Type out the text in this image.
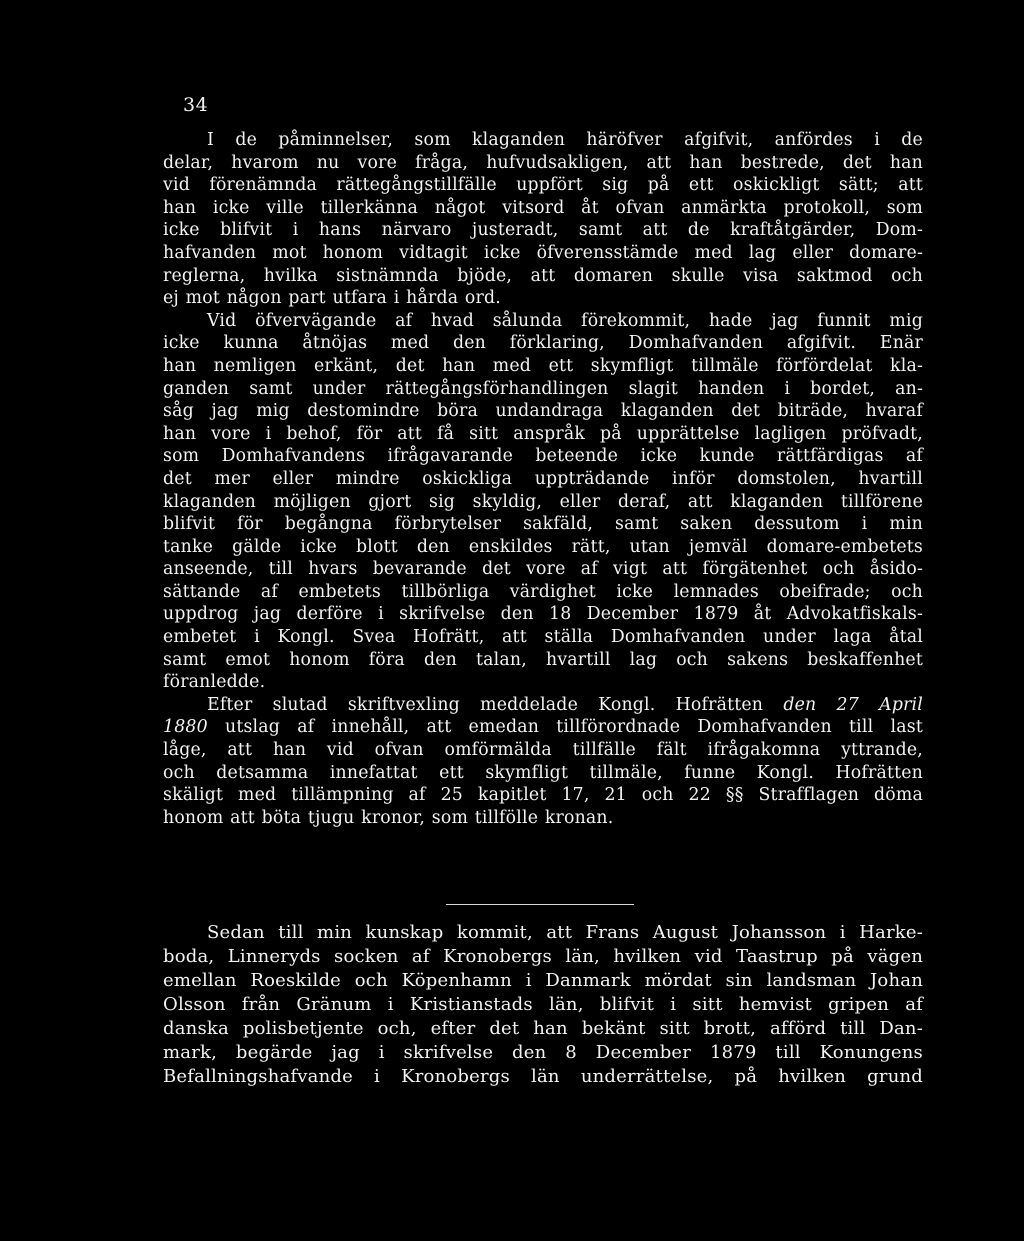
34
I de påminnelser, som klaganden häröfver afgifvit, anfördes i de
delar, hvarom nu vore fråga, hufvudsakligen, att han bestrede, det han
vid förenämnda rättegångstillfälle uppfört sig på ett oskickligt sätt; att
han icke ville tillerkänna något vitsord åt ofvan anmärkta protokoll, som
icke blifvit i hans närvaro justeradt, samt att de kraftåtgärder, Dom-
hafvanden mot honom vidtagit icke öfverensstämde med lag eller domare-
reglerna, hvilka sistnämnda bjöde, att domaren skulle visa saktmod och
ej mot någon part utfara i hårda ord.
Vid öfvervägande af hvad sålunda förekommit, hade jag funnit mig
icke kunna åtnöjas med den förklaring, Domhafvanden afgifvit. Enär
han nemligen erkänt, det han med ett skymfligt tillmäle förfördelat kla-
ganden samt under rättegångsförhandlingen slagit handen i bordet, an-
såg jag mig destomindre böra undandraga klaganden det biträde, hvaraf
han vore i behof, för att få sitt anspråk på upprättelse lagligen pröfvadt,
som Domhafvandens ifrågavarande beteende icke kunde rättfärdigas af
det mer eller mindre oskickliga uppträdande inför domstolen, hvartill
klaganden möjligen gjort sig skyldig, eller deraf, att klaganden tillförene
blifvit för begångna förbrytelser sakfäld, samt saken dessutom i min
tanke gälde icke blott den enskildes rätt, utan jemväl domare-embetets
anseende, till hvars bevarande det vore af vigt att förgätenhet och åsido-
sättande af embetets tillbörliga värdighet icke lemnades obeifrade; och
uppdrog jag derföre i skrifvelse den 18 December 1879 åt Advokatfiskals-
embetet i Kongl. Svea Hofrätt, att ställa Domhafvanden under laga åtal
samt emot honom föra den talan, hvartill lag och sakens beskaffenhet
föranledde.
Efter slutad skriftvexling meddelade Kongl. Hofrätten den 27 April
1880 utslag af innehåll, att emedan tillförordnade Domhafvanden till last
låge, att han vid ofvan omförmälda tillfälle fält ifrågakomna yttrande,
och detsamma innefattat ett skymfligt tillmäle, funne Kongl. Hofrätten
skäligt med tillämpning af 25 kapitlet 17, 21 och 22 §§ Strafflagen döma
honom att böta tjugu kronor, som tillfölle kronan.
Sedan till min kunskap kommit, att Frans August Johansson i Harke-
boda, Linneryds socken af Kronobergs län, hvilken vid Taastrup på vägen
emellan Roeskilde och Köpenhamn i Danmark mördat sin landsman Johan
Olsson från Gränum i Kristianstads län, blifvit i sitt hemvist gripen af
danska polisbetjente och, efter det han bekänt sitt brott, afförd till Dan-
mark, begärde jag i skrifvelse den 8 December 1879 till Konungens
Befallningshafvande i Kronobergs län underrättelse, på hvilken grund
